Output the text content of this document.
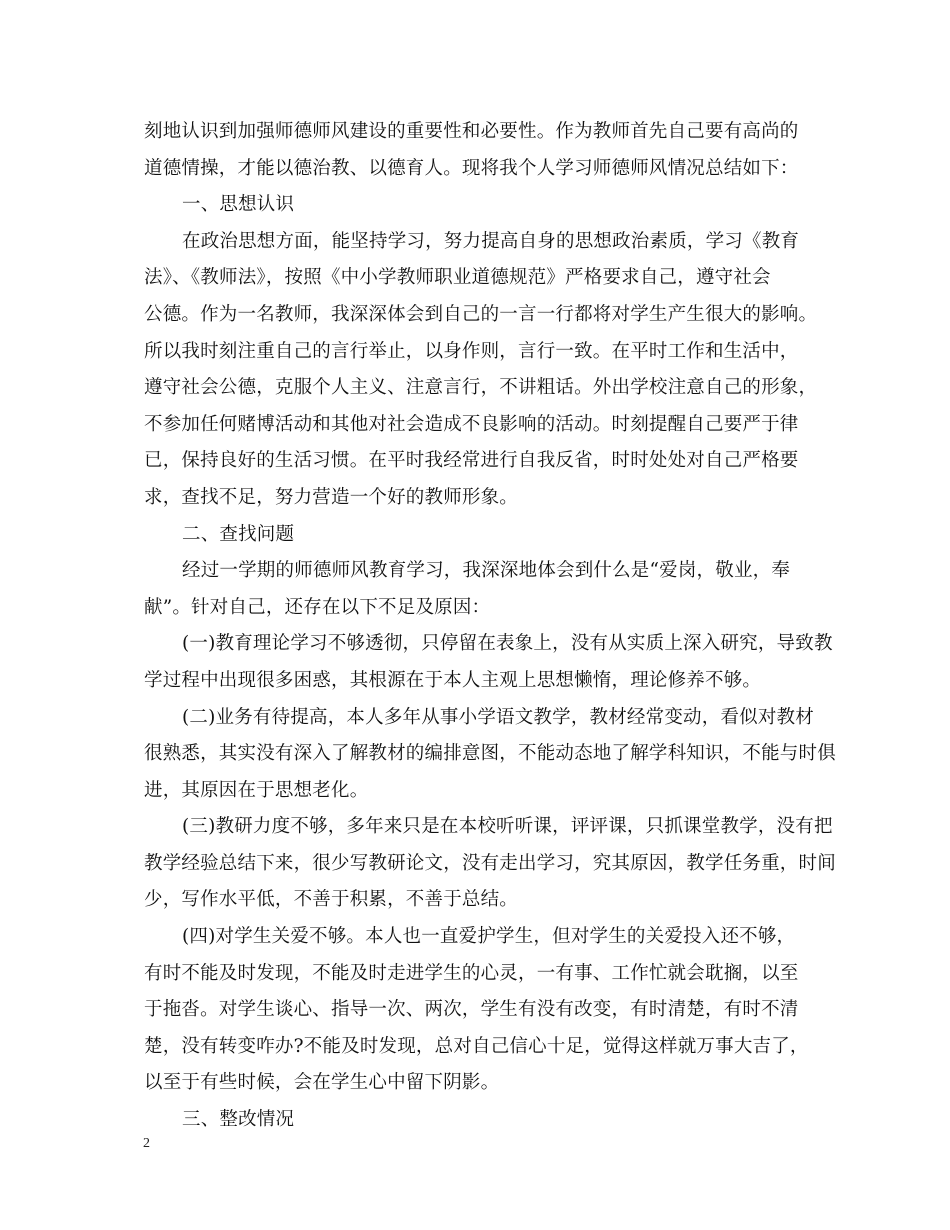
刻地认识到加强师德师风建设的重要性和必要性。作为教师首先自己要有高尚的
道德情操，才能以德治教、以德育人。现将我个人学习师德师风情况总结如下：
一、思想认识
在政治思想方面，能坚持学习，努力提高自身的思想政治素质，学习《教育
法》、《教师法》，按照《中小学教师职业道德规范》严格要求自己，遵守社会
公德。作为一名教师，我深深体会到自己的一言一行都将对学生产生很大的影响。
所以我时刻注重自己的言行举止，以身作则，言行一致。在平时工作和生活中，
遵守社会公德，克服个人主义、注意言行，不讲粗话。外出学校注意自己的形象，
不参加任何赌博活动和其他对社会造成不良影响的活动。时刻提醒自己要严于律
已，保持良好的生活习惯。在平时我经常进行自我反省，时时处处对自己严格要
求，查找不足，努力营造一个好的教师形象。
二、查找问题
经过一学期的师德师风教育学习，我深深地体会到什么是“爱岗，敬业，奉
献”。针对自己，还存在以下不足及原因：
(一)教育理论学习不够透彻，只停留在表象上，没有从实质上深入研究，导致教
学过程中出现很多困惑，其根源在于本人主观上思想懒惰，理论修养不够。
(二)业务有待提高，本人多年从事小学语文教学，教材经常变动，看似对教材
很熟悉，其实没有深入了解教材的编排意图，不能动态地了解学科知识，不能与时俱
进，其原因在于思想老化。
(三)教研力度不够，多年来只是在本校听听课，评评课，只抓课堂教学，没有把
教学经验总结下来，很少写教研论文，没有走出学习，究其原因，教学任务重，时间
少，写作水平低，不善于积累，不善于总结。
(四)对学生关爱不够。本人也一直爱护学生，但对学生的关爱投入还不够，
有时不能及时发现，不能及时走进学生的心灵，一有事、工作忙就会耽搁，以至
于拖沓。对学生谈心、指导一次、两次，学生有没有改变，有时清楚，有时不清
楚，没有转变咋办?不能及时发现，总对自己信心十足，觉得这样就万事大吉了，
以至于有些时候，会在学生心中留下阴影。
三、整改情况
2
